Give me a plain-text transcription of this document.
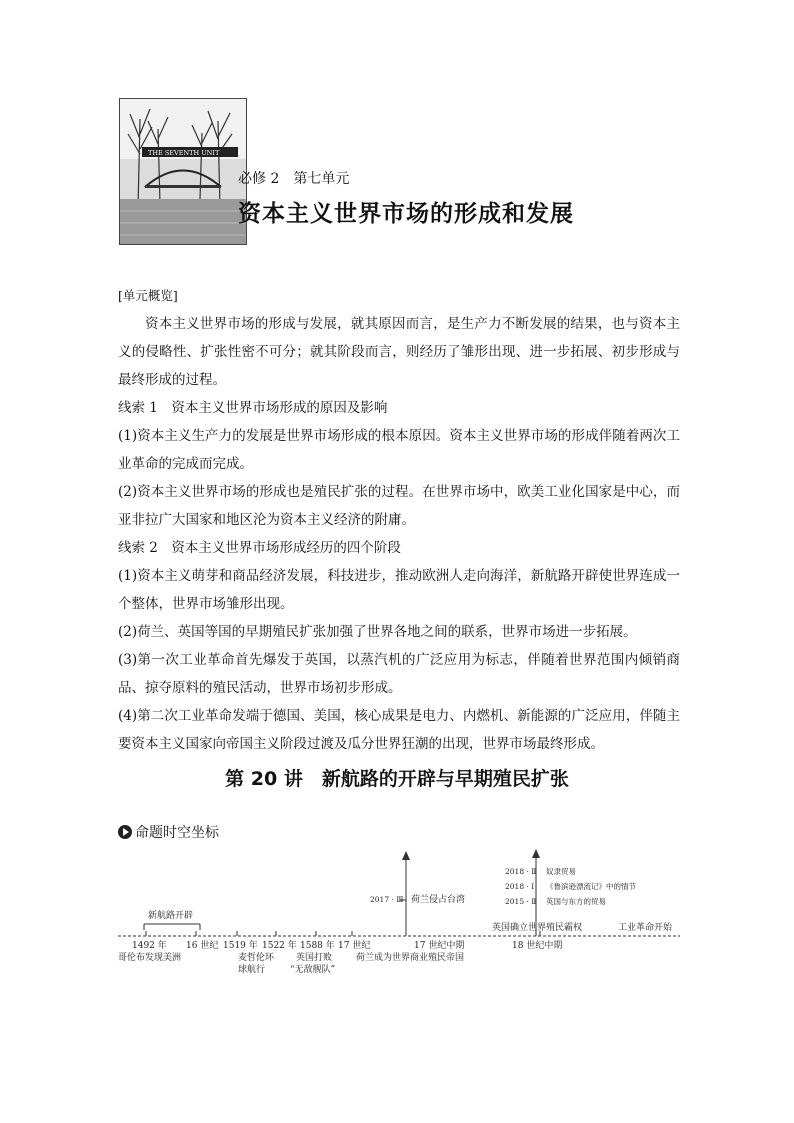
THE SEVENTH UNIT
必修 2　第七单元
资本主义世界市场的形成和发展

[单元概览]

资本主义世界市场的形成与发展，就其原因而言，是生产力不断发展的结果，也与资本主义的侵略性、扩张性密不可分；就其阶段而言，则经历了雏形出现、进一步拓展、初步形成与最终形成的过程。

线索 1　资本主义世界市场形成的原因及影响

(1)资本主义生产力的发展是世界市场形成的根本原因。资本主义世界市场的形成伴随着两次工业革命的完成而完成。

(2)资本主义世界市场的形成也是殖民扩张的过程。在世界市场中，欧美工业化国家是中心，而亚非拉广大国家和地区沦为资本主义经济的附庸。

线索 2　资本主义世界市场形成经历的四个阶段

(1)资本主义萌芽和商品经济发展，科技进步，推动欧洲人走向海洋，新航路开辟使世界连成一个整体，世界市场雏形出现。

(2)荷兰、英国等国的早期殖民扩张加强了世界各地之间的联系，世界市场进一步拓展。

(3)第一次工业革命首先爆发于英国，以蒸汽机的广泛应用为标志，伴随着世界范围内倾销商品、掠夺原料的殖民活动，世界市场初步形成。

(4)第二次工业革命发端于德国、美国，核心成果是电力、内燃机、新能源的广泛应用，伴随主要资本主义国家向帝国主义阶段过渡及瓜分世界狂潮的出现，世界市场最终形成。

第 20 讲　新航路的开辟与早期殖民扩张
命题时空坐标
新航路开辟
2017 · Ⅲ 荷兰侵占台湾
2018 · Ⅱ
2018 · Ⅰ
2015 · Ⅱ
奴隶贸易
《鲁滨逊漂流记》中的情节
英国与东方的贸易
英国确立世界殖民霸权	工业革命开始
1492 年
哥伦布发现美洲
16 世纪 1519 年 1522 年
麦哲伦环
球航行
1588 年
英国打败
“无敌舰队”
17 世纪	17 世纪中期
荷兰成为世界商业殖民帝国
18 世纪中期
